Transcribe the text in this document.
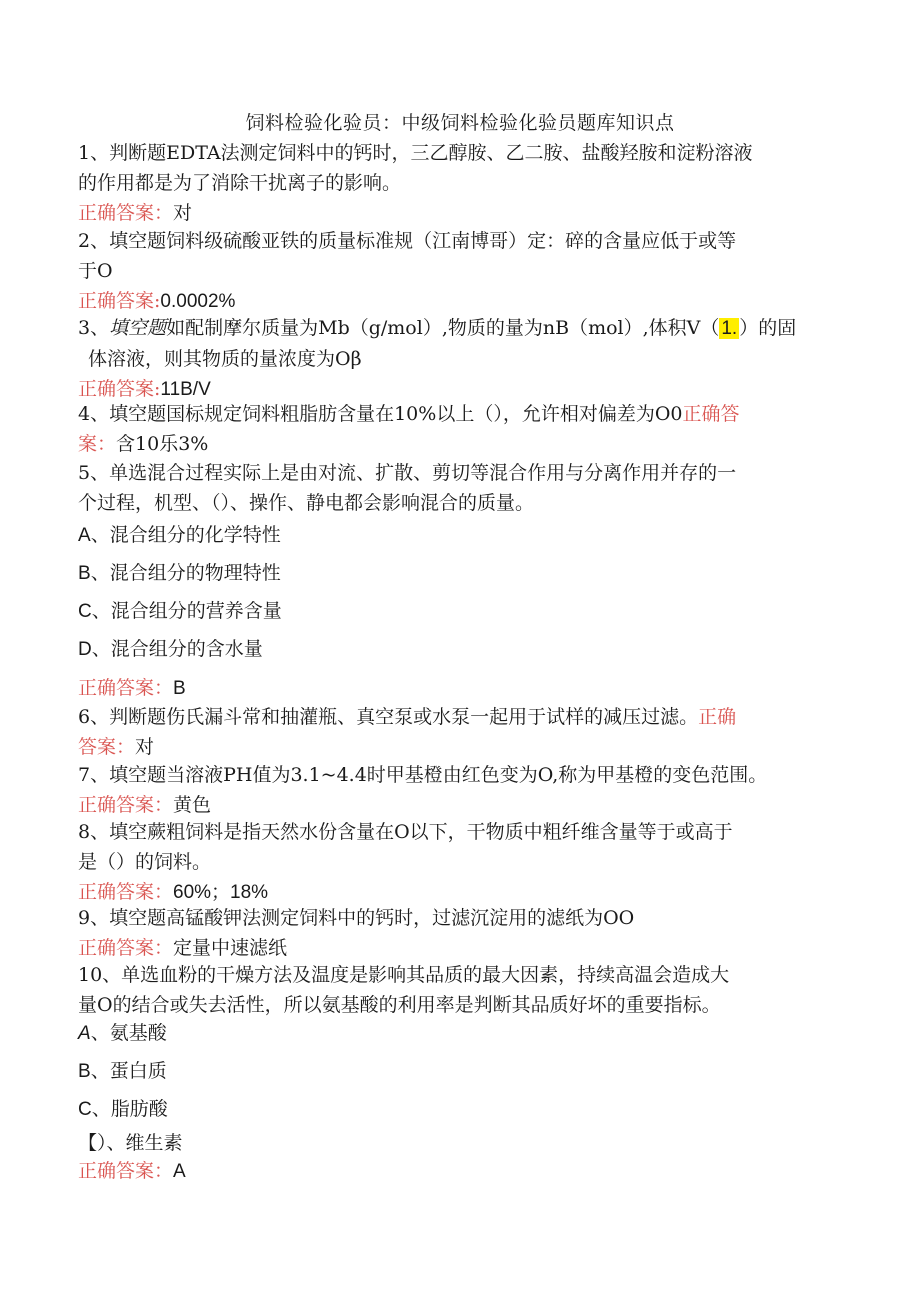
饲料检验化验员：中级饲料检验化验员题库知识点
1、判断题EDTA法测定饲料中的钙时，三乙醇胺、乙二胺、盐酸羟胺和淀粉溶液
的作用都是为了消除干扰离子的影响。
正确答案：对
2、填空题饲料级硫酸亚铁的质量标准规（江南博哥）定：碎的含量应低于或等
于O
正确答案:0.0002%
3、填空题如配制摩尔质量为Mb（g/mol）,物质的量为nB（mol）,体积V（ 1. ）的固
体溶液，则其物质的量浓度为Oβ
正确答案:11B/V
4、填空题国标规定饲料粗脂肪含量在10%以上（），允许相对偏差为O0正确答
案：含10乐3%
5、单选混合过程实际上是由对流、扩散、剪切等混合作用与分离作用并存的一
个过程，机型、（）、操作、静电都会影响混合的质量。
A、混合组分的化学特性
B、混合组分的物理特性
C、混合组分的营养含量
D、混合组分的含水量
正确答案：B
6、判断题伤氏漏斗常和抽灌瓶、真空泵或水泵一起用于试样的减压过滤。正确
答案：对
7、填空题当溶液PH值为3.1~4.4时甲基橙由红色变为O,称为甲基橙的变色范围。
正确答案：黄色
8、填空蕨粗饲料是指天然水份含量在O以下，干物质中粗纤维含量等于或高于
是（）的饲料。
正确答案：60%；18%
9、填空题高锰酸钾法测定饲料中的钙时，过滤沉淀用的滤纸为OO
正确答案：定量中速滤纸
10、单选血粉的干燥方法及温度是影响其品质的最大因素，持续高温会造成大
量O的结合或失去活性，所以氨基酸的利用率是判断其品质好坏的重要指标。
A、氨基酸
B、蛋白质
C、脂肪酸
【）、维生素
正确答案：A
